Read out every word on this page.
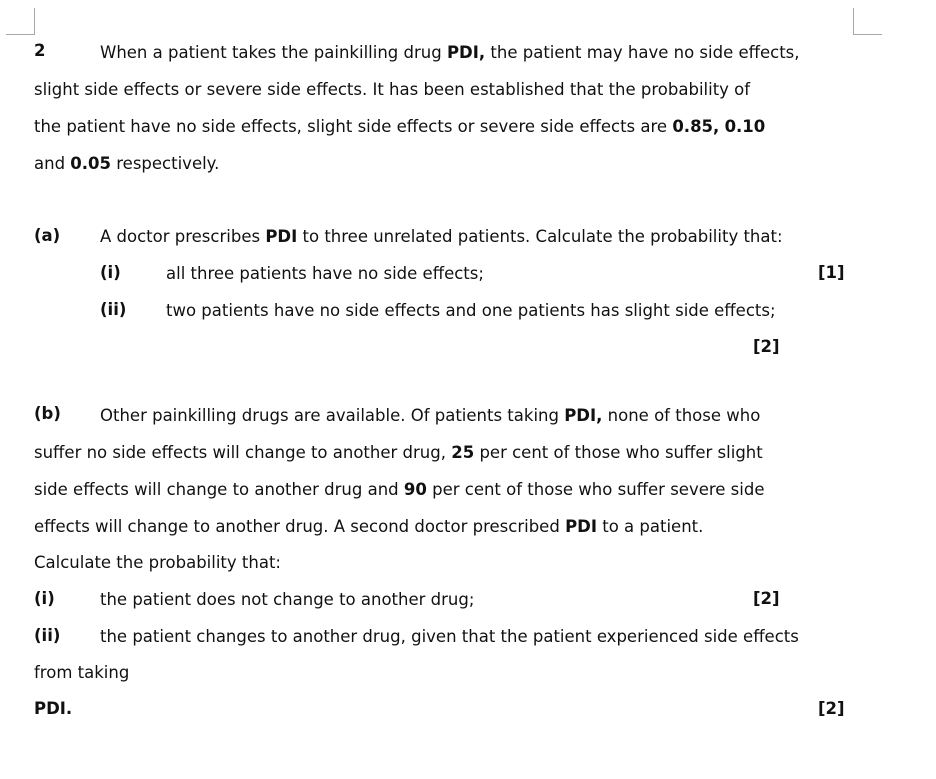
2	When a patient takes the painkilling drug PDI, the patient may have no side effects,
slight side effects or severe side effects. It has been established that the probability of
the patient have no side effects, slight side effects or severe side effects are 0.85, 0.10
and 0.05 respectively.
(a) A doctor prescribes PDI to three unrelated patients. Calculate the probability that:
(i)	all three patients have no side effects;	[1]
(ii) two patients have no side effects and one patients has slight side effects;
[2]
(b) Other painkilling drugs are available. Of patients taking PDI, none of those who
suffer no side effects will change to another drug, 25 per cent of those who suffer slight
side effects will change to another drug and 90 per cent of those who suffer severe side
effects will change to another drug. A second doctor prescribed PDI to a patient.
Calculate the probability that:
(i)	the patient does not change to another drug;	[2]
(ii) the patient changes to another drug, given that the patient experienced side effects
from taking
PDI.	[2]
